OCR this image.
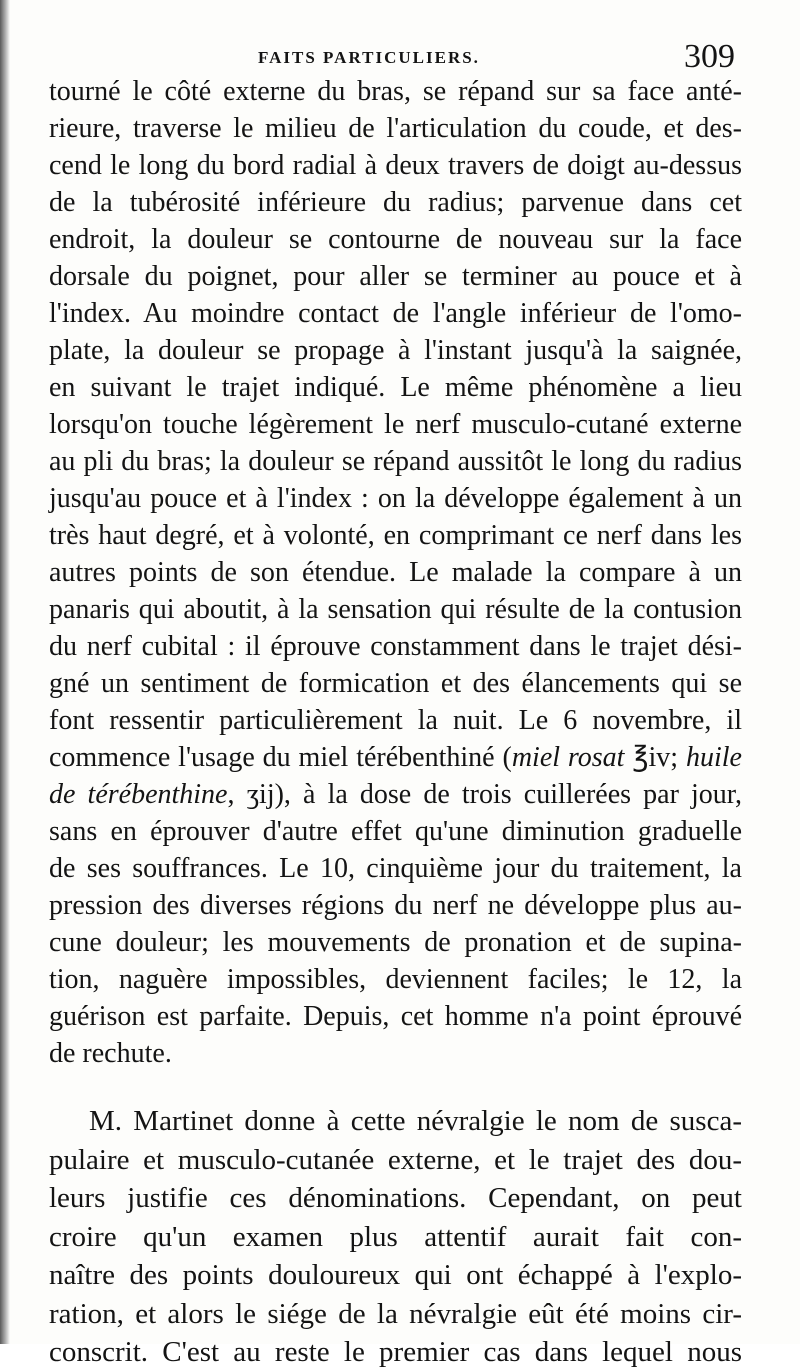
FAITS PARTICULIERS.	309
tourné le côté externe du bras, se répand sur sa face anté-
rieure, traverse le milieu de l'articulation du coude, et des-
cend le long du bord radial à deux travers de doigt au-dessus
de la tubérosité inférieure du radius; parvenue dans cet
endroit, la douleur se contourne de nouveau sur la face
dorsale du poignet, pour aller se terminer au pouce et à
l'index. Au moindre contact de l'angle inférieur de l'omo-
plate, la douleur se propage à l'instant jusqu'à la saignée,
en suivant le trajet indiqué. Le même phénomène a lieu
lorsqu'on touche légèrement le nerf musculo-cutané externe
au pli du bras; la douleur se répand aussitôt le long du radius
jusqu'au pouce et à l'index : on la développe également à un
très haut degré, et à volonté, en comprimant ce nerf dans les
autres points de son étendue. Le malade la compare à un
panaris qui aboutit, à la sensation qui résulte de la contusion
du nerf cubital : il éprouve constamment dans le trajet dési-
gné un sentiment de formication et des élancements qui se
font ressentir particulièrement la nuit. Le 6 novembre, il
commence l'usage du miel térébenthiné (miel rosat ℥iv; huile
de térébenthine, ʒij), à la dose de trois cuillerées par jour,
sans en éprouver d'autre effet qu'une diminution graduelle
de ses souffrances. Le 10, cinquième jour du traitement, la
pression des diverses régions du nerf ne développe plus au-
cune douleur; les mouvements de pronation et de supina-
tion, naguère impossibles, deviennent faciles; le 12, la
guérison est parfaite. Depuis, cet homme n'a point éprouvé
de rechute.
M. Martinet donne à cette névralgie le nom de susca-
pulaire et musculo-cutanée externe, et le trajet des dou-
leurs justifie ces dénominations. Cependant, on peut
croire qu'un examen plus attentif aurait fait con-
naître des points douloureux qui ont échappé à l'explo-
ration, et alors le siége de la névralgie eût été moins cir-
conscrit. C'est au reste le premier cas dans lequel nous
